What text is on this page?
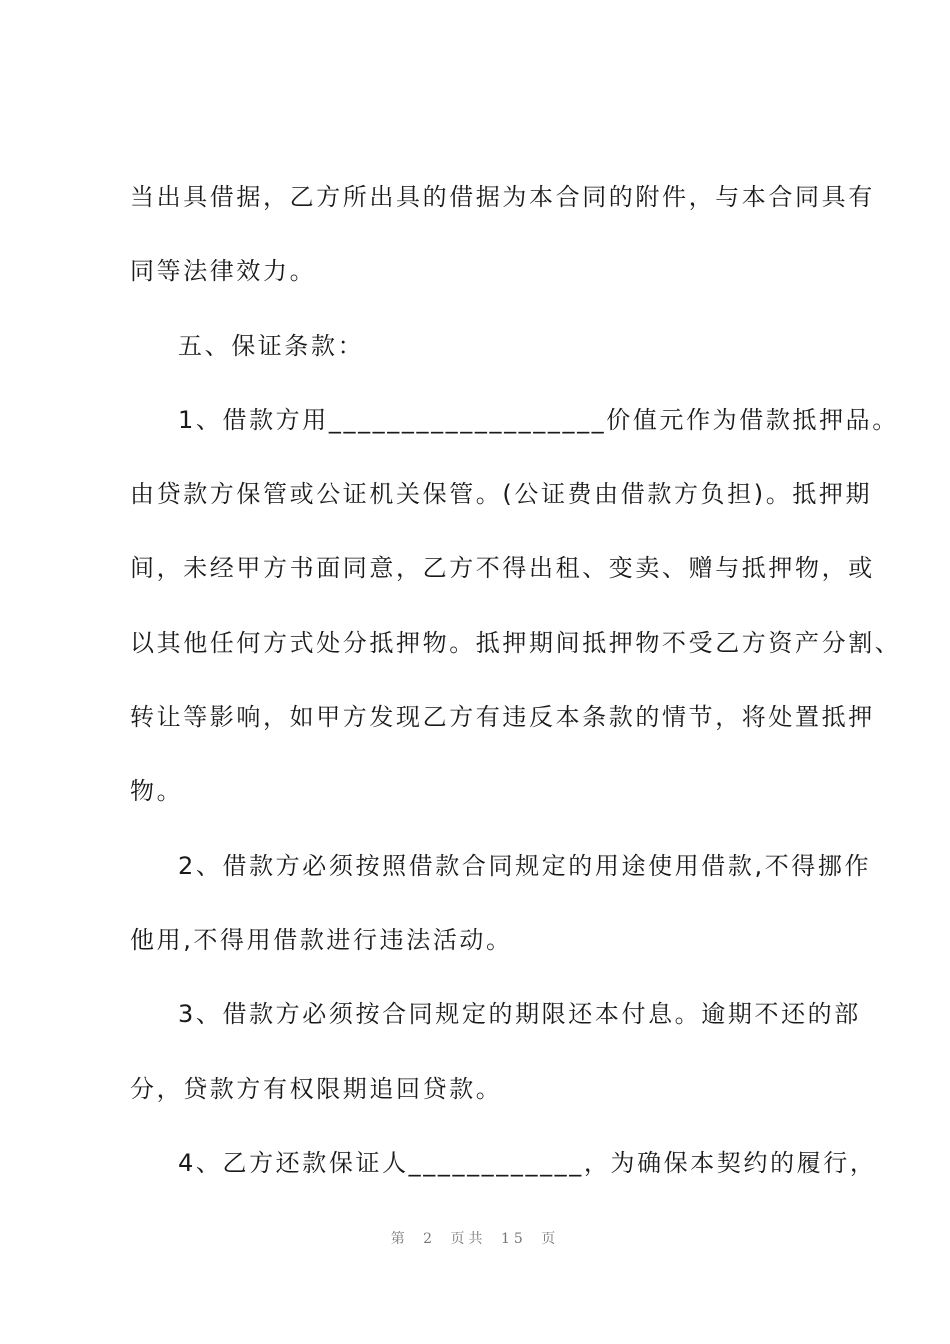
当出具借据，乙方所出具的借据为本合同的附件，与本合同具有
同等法律效力。
五、保证条款：
1、借款方用___________________价值元作为借款抵押品。
由贷款方保管或公证机关保管。(公证费由借款方负担)。抵押期
间，未经甲方书面同意，乙方不得出租、变卖、赠与抵押物，或
以其他任何方式处分抵押物。抵押期间抵押物不受乙方资产分割、
转让等影响，如甲方发现乙方有违反本条款的情节，将处置抵押
物。
2、借款方必须按照借款合同规定的用途使用借款,不得挪作
他用,不得用借款进行违法活动。
3、借款方必须按合同规定的期限还本付息。逾期不还的部
分，贷款方有权限期追回贷款。
4、乙方还款保证人____________，为确保本契约的履行，
第 2 页共 15 页
